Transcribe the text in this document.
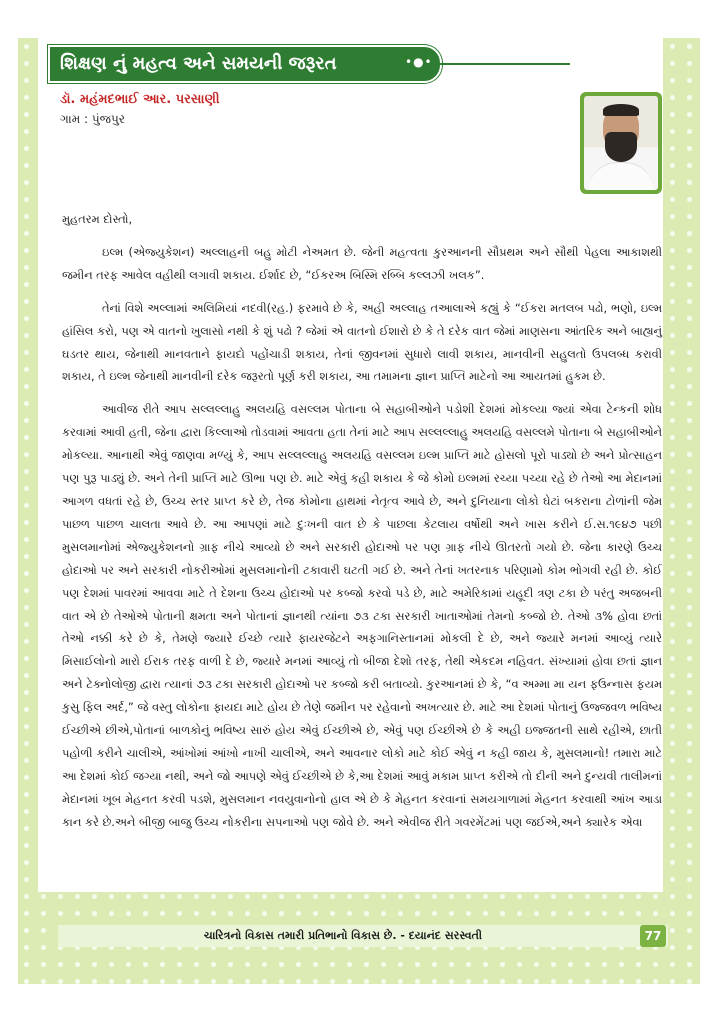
શિક્ષણ નું મહત્વ અને સમયની જરૂરત	•●•
ડૉ. મહંમદભાઈ આર. પરસાણી
ગામ : પુંજપુર

મુહતરમ દોસ્તો,

ઇલ્મ (એજ્યુકેશન) અલ્લાહની બહુ મોટી નેઅમત છે. જેની મહત્વતા કુરઆનની સૌપ્રથમ અને સૌથી પેહલા આકાશથી જમીન તરફ આવેલ વહીથી લગાવી શકાય. ઈર્શાદ છે, “ઈકરઅ બિસ્મિ રબ્બિ કલ્લઝી ખલક”.

તેનાં વિશે અલ્લામાં અલિમિયાં નદવી(રહ.) ફરમાવે છે કે, અહી અલ્લાહ તઆલાએ કહ્યું કે “ઈકરા મતલબ પઢો, ભણો, ઇલ્મ હાંસિલ કરો, પણ એ વાતનો ખુલાસો નથી કે શું પઢો ? જેમાં એ વાતનો ઈશારો છે કે તે દરેક વાત જેમાં માણસના આંતરિક અને બાહ્યનું ઘડતર થાય, જેનાથી માનવતાને ફાયદો પહોંચાડી શકાય, તેનાં જીવનમાં સુધારો લાવી શકાય, માનવીની સહુલતો ઉપલબ્ધ કરાવી શકાય, તે ઇલ્મ જેનાથી માનવીની દરેક જરૂરતો પૂર્ણ કરી શકાય, આ તમામના જ્ઞાન પ્રાપ્તિ માટેનો આ આયતમાં હુકમ છે.

આવીજ રીતે આપ સલ્લલ્લાહુ અલયહિ વસલ્લમ પોતાના બે સહાબીઓને પડોશી દેશમાં મોકલ્યા જ્યાં એવા ટેન્કની શોધ કરવામાં આવી હતી, જેના દ્વારા કિલ્લાઓ તોડવામાં આવતા હતા તેનાં માટે આપ સલ્લલ્લાહુ અલયહિ વસલ્લમે પોતાના બે સહાબીઓને મોકલ્યા. આનાથી એવું જાણવા મળ્યું કે, આપ સલ્લલ્લાહુ અલયહિ વસલ્લમ ઇલ્મ પ્રાપ્તિ માટે હોસલો પૂરો પાડ્યો છે અને પ્રોત્સાહન પણ પુરૂ પાડ્યું છે. અને તેની પ્રાપ્તિ માટે ઊભા પણ છે. માટે એવું કહી શકાય કે જે કોમો ઇલ્મમાં રચ્યા પચ્યા રહે છે તેઓ આ મેદાનમાં આગળ વધતાં રહે છે, ઉચ્ચ સ્તર પ્રાપ્ત કરે છે, તેજ કોમોના હાથમાં નેતૃત્વ આવે છે, અને દુનિયાના લોકો ઘેટાં બકરાના ટોળાંની જેમ પાછળ પાછળ ચાલતા આવે છે. આ આપણાં માટે દુઃખની વાત છે કે પાછલા કેટલાય વર્ષોથી અને ખાસ કરીને ઈ.સ.૧૯૪૭ પછી મુસલમાનોમાં એજ્યુકેશનનો ગ્રાફ નીચે આવ્યો છે અને સરકારી હોદાઓ પર પણ ગ્રાફ નીચે ઊતરતો ગયો છે. જેના કારણે ઉચ્ચ હોદાઓ પર અને સરકારી નોકરીઓમાં મુસલમાનોની ટકાવારી ઘટતી ગઈ છે. અને તેનાં ખતરનાક પરિણામો કોમ ભોગવી રહી છે. કોઈ પણ દેશમાં પાવરમાં આવવા માટે તે દેશના ઉચ્ચ હોદાઓ પર કબ્જો કરવો પડે છે, માટે અમેરિકામાં યહૂદી ત્રણ ટકા છે પરંતુ અજબની વાત એ છે તેઓએ પોતાની ક્ષમતા અને પોતાનાં જ્ઞાનથી ત્યાંના ૭૩ ટકા સરકારી ખાતાઓમાં તેમનો કબ્જો છે. તેઓ ૩% હોવા છતાં તેઓ નક્કી કરે છે કે, તેમણે જ્યારે ઈચ્છે ત્યારે ફાયરજેટને અફગાનિસ્તાનમાં મોકલી દે છે, અને જ્યારે મનમાં આવ્યું ત્યારે મિસાઈલોનો મારો ઈરાક તરફ વાળી દે છે, જ્યારે મનમાં આવ્યું તો બીજા દેશો તરફ, તેથી એકદમ નહિવત. સંખ્યામાં હોવા છતાં જ્ઞાન અને ટેક્નોલોજી દ્વારા ત્યાનાં ૭૩ ટકા સરકારી હોદાઓ પર કબ્જો કરી બતાવ્યો. કુરઆનમાં છે કે, “વ અમ્મા મા યન ફઉન્નાસ ફયમ કુસુ ફિલ અર્દ,” જે વસ્તુ લોકોના ફાયદા માટે હોય છે તેણે જમીન પર રહેવાનો અખત્યાર છે. માટે આ દેશમાં પોતાનું ઉજ્જવળ ભવિષ્ય ઈચ્છીએ છીએ,પોતાનાં બાળકોનું ભવિષ્ય સારું હોય એવું ઈચ્છીએ છે, એવું પણ ઈચ્છીએ છે કે અહી ઇજ્જતની સાથે રહીએ, છાતી પહોળી કરીને ચાલીએ, આંખોમાં આંખો નાખી ચાલીએ, અને આવનાર લોકો માટે કોઈ એવું ન કહી જાય કે, મુસલમાનો! તમારા માટે આ દેશમાં કોઈ જગ્યા નથી, અને જો આપણે એવું ઈચ્છીએ છે કે,આ દેશમાં આવું મકામ પ્રાપ્ત કરીએ તો દીની અને દુન્યવી તાલીમનાં મેદાનમાં ખૂબ મેહનત કરવી પડશે, મુસલમાન નવયુવાનોનો હાલ એ છે કે મેહનત કરવાનાં સમયગાળામાં મેહનત કરવાથી આંખ આડા કાન કરે છે.અને બીજી બાજુ ઉચ્ચ નોકરીના સપનાઓ પણ જોવે છે. અને એવીજ રીતે ગવરમેંટમાં પણ જઈએ,અને ક્યારેક એવા

ચારિત્રનો વિકાસ તમારી પ્રતિભાનો વિકાસ છે. - દયાનંદ સરસ્વતી	77
